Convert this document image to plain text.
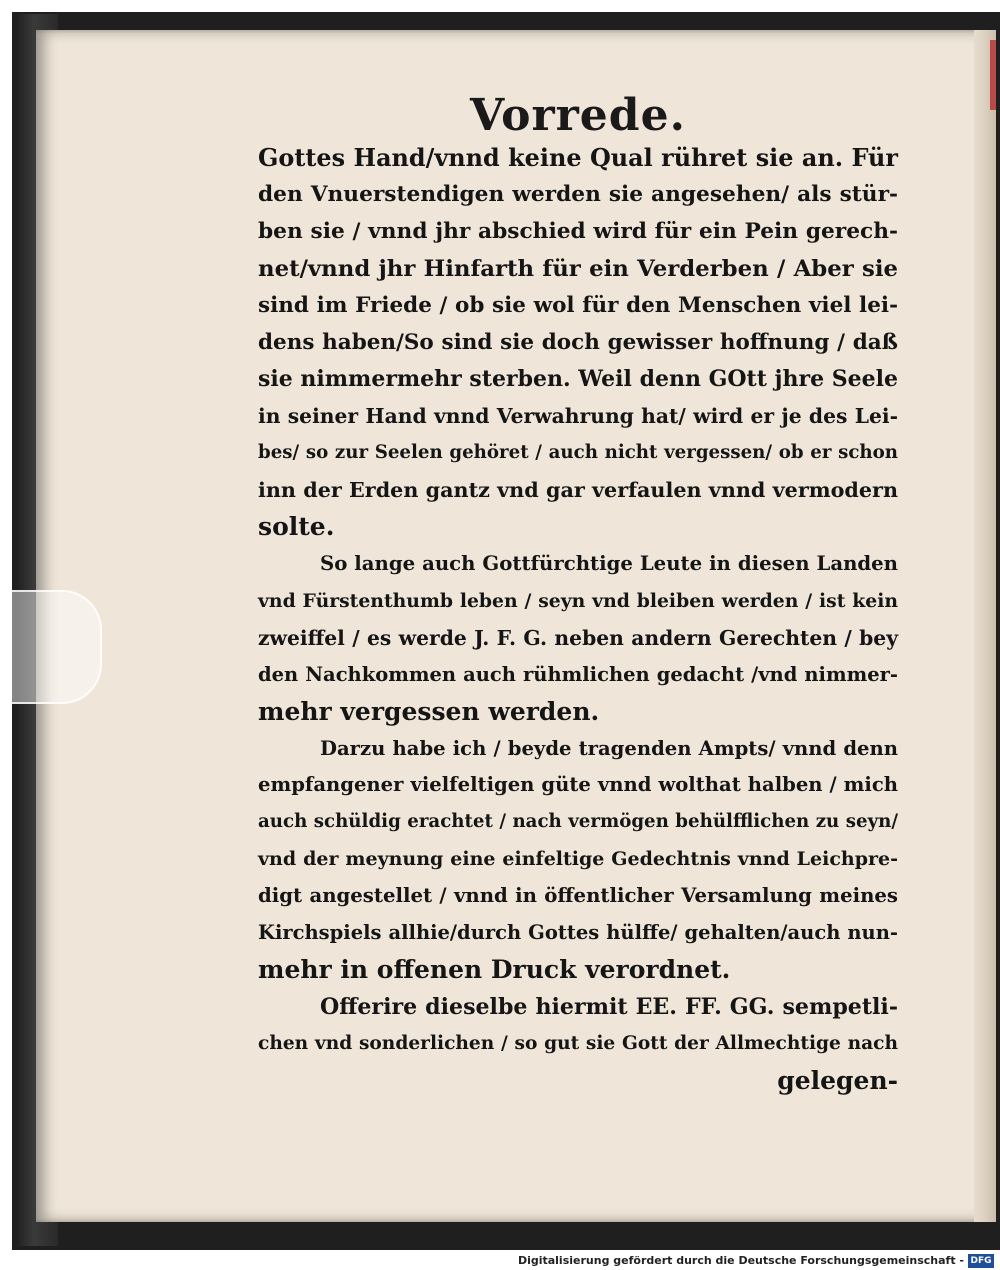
Vorrede.
Gottes Hand/vnnd keine Qual rühret sie an. Für
den Vnuerstendigen werden sie angesehen/ als stür-
ben sie / vnnd jhr abschied wird für ein Pein gerech-
net/vnnd jhr Hinfarth für ein Verderben / Aber sie
sind im Friede / ob sie wol für den Menschen viel lei-
dens haben/So sind sie doch gewisser hoffnung / daß
sie nimmermehr sterben. Weil denn GOtt jhre Seele
in seiner Hand vnnd Verwahrung hat/ wird er je des Lei-
bes/ so zur Seelen gehöret / auch nicht vergessen/ ob er schon
inn der Erden gantz vnd gar verfaulen vnnd vermodern
solte.
So lange auch Gottfürchtige Leute in diesen Landen
vnd Fürstenthumb leben / seyn vnd bleiben werden / ist kein
zweiffel / es werde J. F. G. neben andern Gerechten / bey
den Nachkommen auch rühmlichen gedacht /vnd nimmer-
mehr vergessen werden.
Darzu habe ich / beyde tragenden Ampts/ vnnd denn
empfangener vielfeltigen güte vnnd wolthat halben / mich
auch schüldig erachtet / nach vermögen behülfflichen zu seyn/
vnd der meynung eine einfeltige Gedechtnis vnnd Leichpre-
digt angestellet / vnnd in öffentlicher Versamlung meines
Kirchspiels allhie/durch Gottes hülffe/ gehalten/auch nun-
mehr in offenen Druck verordnet.
Offerire dieselbe hiermit EE. FF. GG. sempetli-
chen vnd sonderlichen / so gut sie Gott der Allmechtige nach
gelegen-
Digitalisierung gefördert durch die Deutsche Forschungsgemeinschaft - DFG
